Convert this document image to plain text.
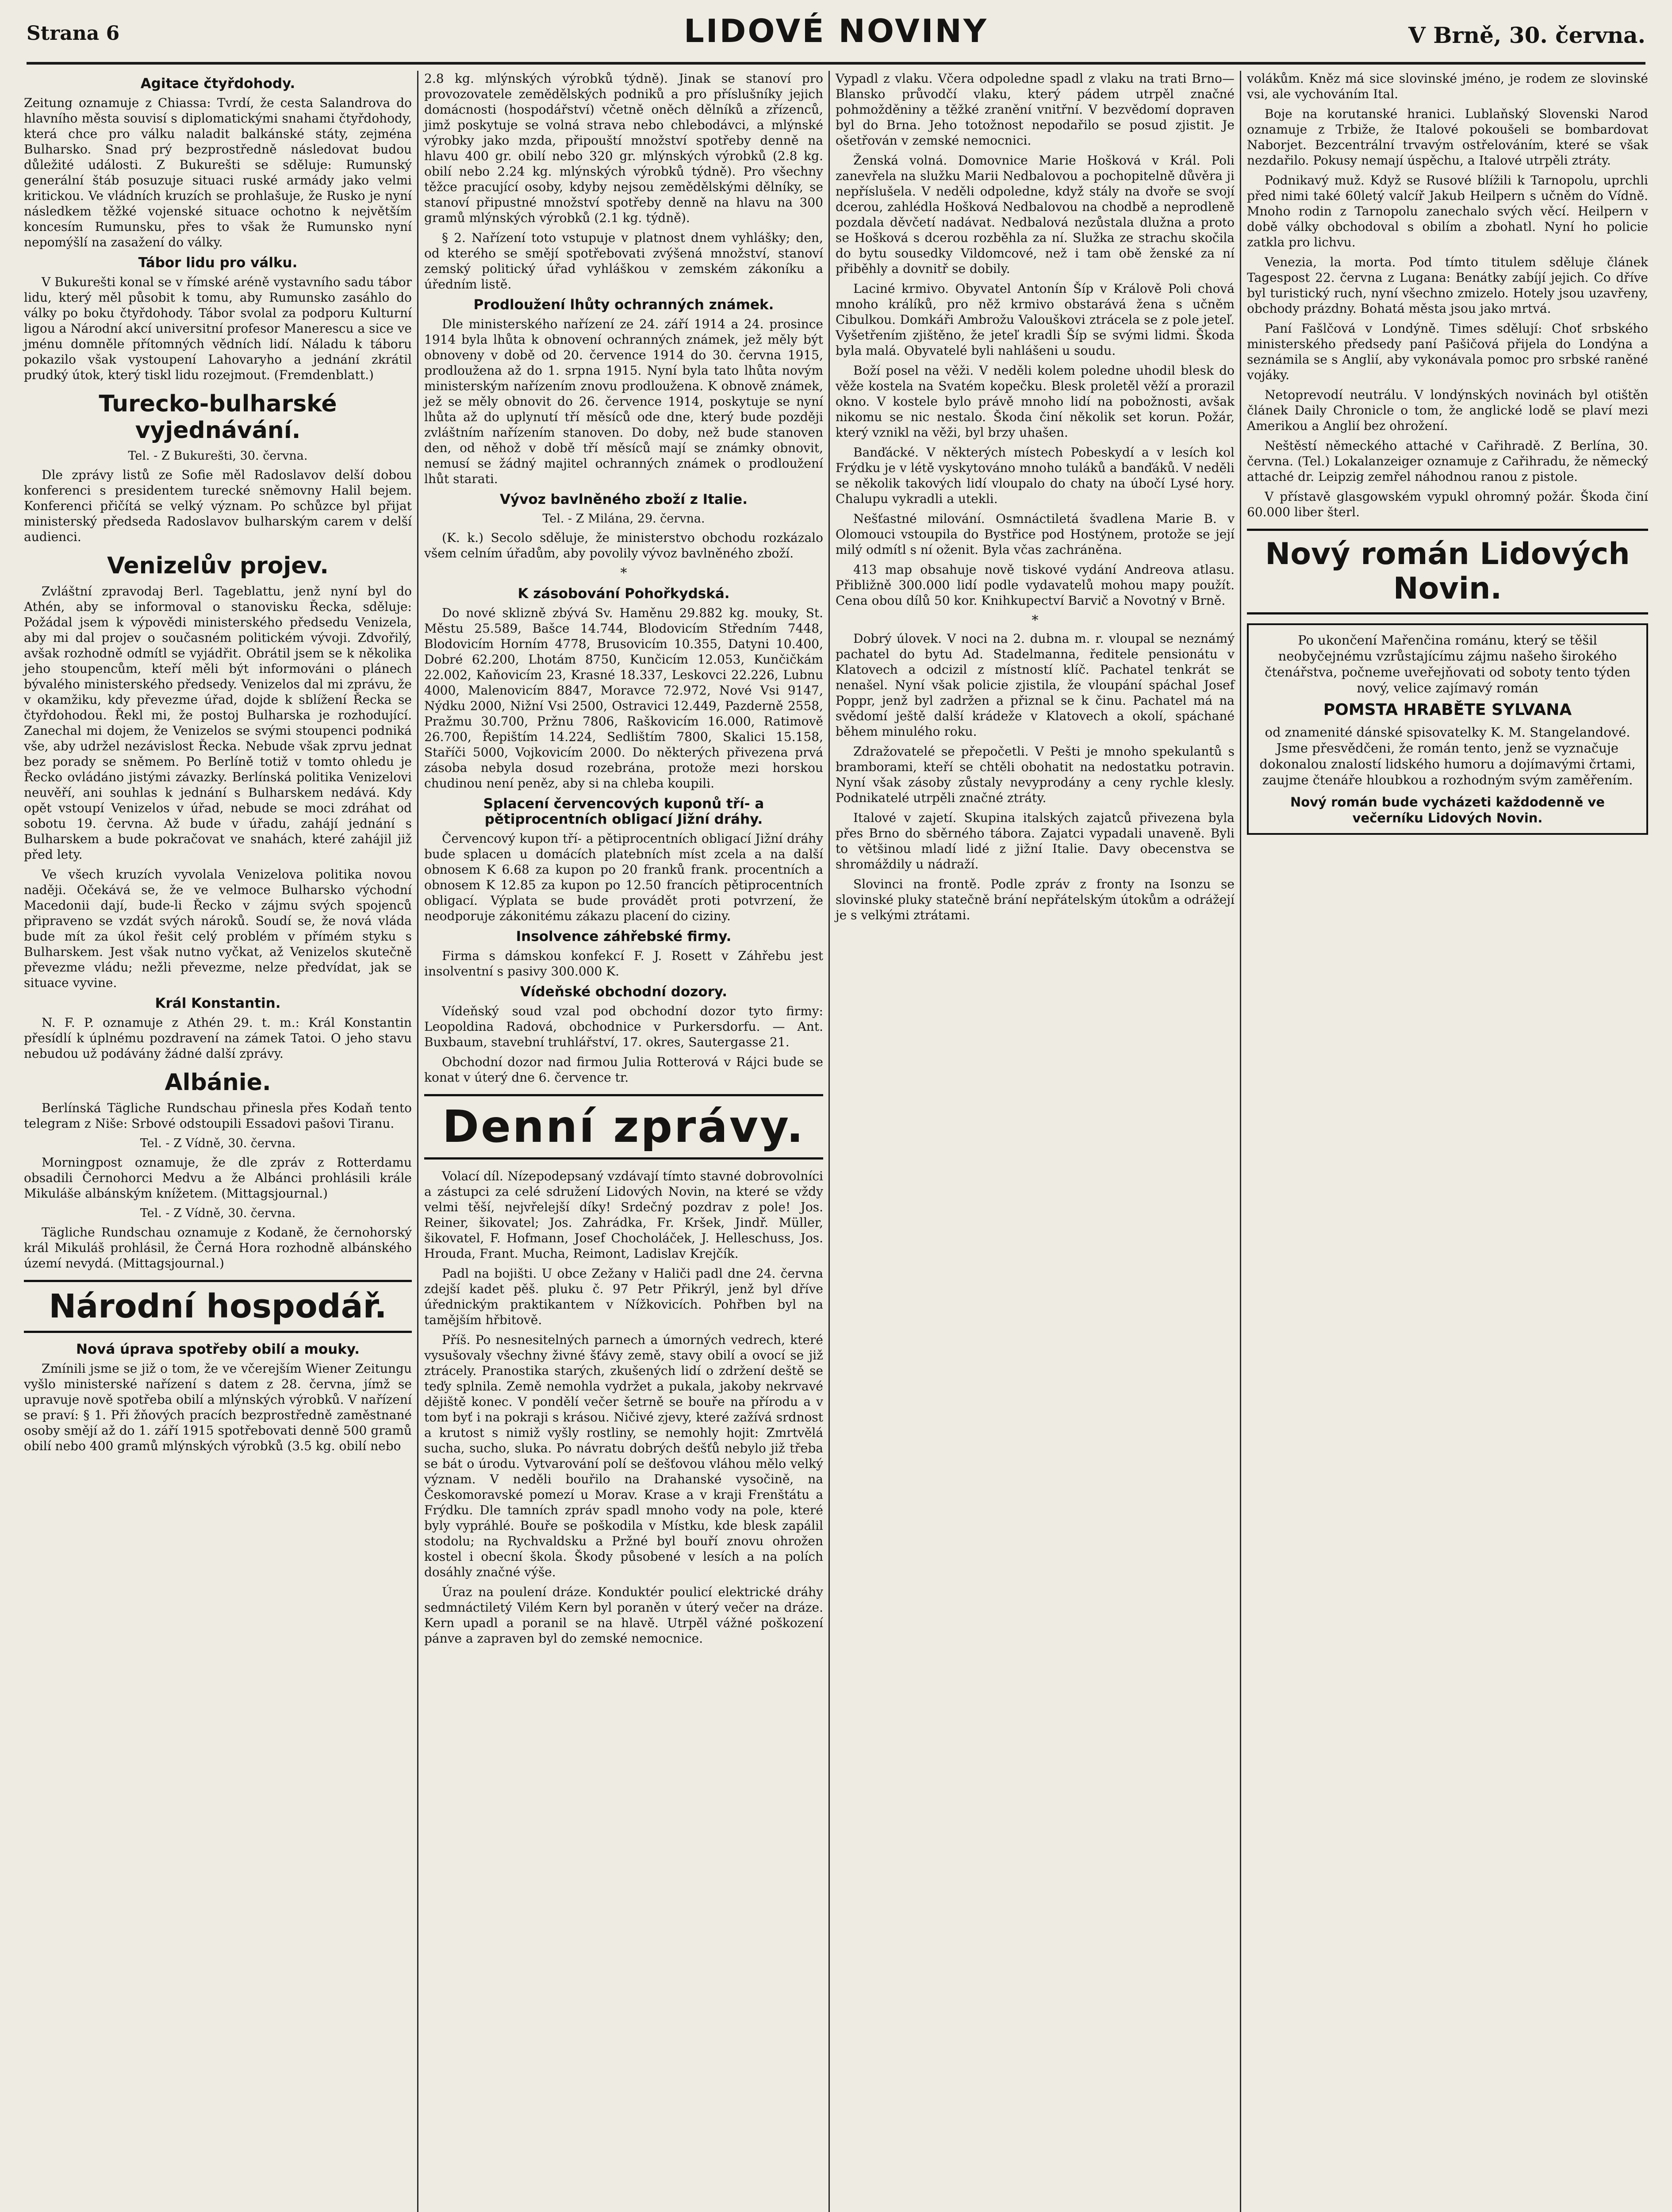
Strana 6	LIDOVÉ NOVINY	V Brně, 30. června.
Agitace čtyřdohody.

Zeitung oznamuje z Chiassa: Tvrdí, že cesta Salandrova do hlavního města souvisí s diplomatickými snahami čtyřdohody, která chce pro válku naladit balkánské státy, zejména Bulharsko. Snad prý bezprostředně následovat budou důležité události. Z Bukurešti se sděluje: Rumunský generální štáb posuzuje situaci ruské armády jako velmi kritickou. Ve vládních kruzích se prohlašuje, že Rusko je nyní následkem těžké vojenské situace ochotno k největším koncesím Rumunsku, přes to však že Rumunsko nyní nepomýšlí na zasažení do války.

Tábor lidu pro válku.

V Bukurešti konal se v římské aréně vystavního sadu tábor lidu, který měl působit k tomu, aby Rumunsko zasáhlo do války po boku čtyřdohody. Tábor svolal za podporu Kulturní ligou a Národní akcí universitní profesor Manerescu a sice ve jménu domněle přítomných vědních lidí. Náladu k táboru pokazilo však vystoupení Lahovaryho a jednání zkrátil prudký útok, který tiskl lidu rozejmout. (Fremdenblatt.)

Turecko-bulharské vyjednávání.
Tel. - Z Bukurešti, 30. června.

Dle zprávy listů ze Sofie měl Radoslavov delší dobou konferenci s presidentem turecké sněmovny Halil bejem. Konferenci přičítá se velký význam. Po schůzce byl přijat ministerský předseda Radoslavov bulharským carem v delší audienci.

Venizelův projev.

Zvláštní zpravodaj Berl. Tageblattu, jenž nyní byl do Athén, aby se informoval o stanovisku Řecka, sděluje: Požádal jsem k výpovědi ministerského předsedu Venizela, aby mi dal projev o současném politickém vývoji. Zdvořilý, avšak rozhodně odmítl se vyjádřit. Obrátil jsem se k několika jeho stoupencům, kteří měli být informováni o plánech bývalého ministerského předsedy. Venizelos dal mi zprávu, že v okamžiku, kdy převezme úřad, dojde k sblížení Řecka se čtyřdohodou. Řekl mi, že postoj Bulharska je rozhodující. Zanechal mi dojem, že Venizelos se svými stoupenci podniká vše, aby udržel nezávislost Řecka. Nebude však zprvu jednat bez porady se sněmem. Po Berlíně totiž v tomto ohledu je Řecko ovládáno jistými závazky. Berlínská politika Venizelovi neuvěří, ani souhlas k jednání s Bulharskem nedává. Kdy opět vstoupí Venizelos v úřad, nebude se moci zdráhat od sobotu 19. června. Až bude v úřadu, zahájí jednání s Bulharskem a bude pokračovat ve snahách, které zahájil již před lety.

Ve všech kruzích vyvolala Venizelova politika novou naději. Očekává se, že ve velmoce Bulharsko východní Macedonii dají, bude-li Řecko v zájmu svých spojenců připraveno se vzdát svých nároků. Soudí se, že nová vláda bude mít za úkol řešit celý problém v přímém styku s Bulharskem. Jest však nutno vyčkat, až Venizelos skutečně převezme vládu; nežli převezme, nelze předvídat, jak se situace vyvine.

Král Konstantin.

N. F. P. oznamuje z Athén 29. t. m.: Král Konstantin přesídlí k úplnému pozdravení na zámek Tatoi. O jeho stavu nebudou už podávány žádné další zprávy.

Albánie.

Berlínská Tägliche Rundschau přinesla přes Kodaň tento telegram z Niše: Srbové odstoupili Essadovi pašovi Tiranu.

Tel. - Z Vídně, 30. června.

Morningpost oznamuje, že dle zpráv z Rotterdamu obsadili Černohorci Medvu a že Albánci prohlásili krále Mikuláše albánským knížetem. (Mittagsjournal.)

Tel. - Z Vídně, 30. června.

Tägliche Rundschau oznamuje z Kodaně, že černohorský král Mikuláš prohlásil, že Černá Hora rozhodně albánského území nevydá. (Mittagsjournal.)

Národní hospodář.
Nová úprava spotřeby obilí a mouky.

Zmínili jsme se již o tom, že ve včerejším Wiener Zeitungu vyšlo ministerské nařízení s datem z 28. června, jímž se upravuje nově spotřeba obilí a mlýnských výrobků. V nařízení se praví: § 1. Při žňových pracích bezprostředně zaměstnané osoby smějí až do 1. září 1915 spotřebovati denně 500 gramů obilí nebo 400 gramů mlýnských výrobků (3.5 kg. obilí nebo

2.8 kg. mlýnských výrobků týdně). Jinak se stanoví pro provozovatele zemědělských podniků a pro příslušníky jejich domácnosti (hospodářství) včetně oněch dělníků a zřízenců, jimž poskytuje se volná strava nebo chlebodávci, a mlýnské výrobky jako mzda, připouští množství spotřeby denně na hlavu 400 gr. obilí nebo 320 gr. mlýnských výrobků (2.8 kg. obilí nebo 2.24 kg. mlýnských výrobků týdně). Pro všechny těžce pracující osoby, kdyby nejsou zemědělskými dělníky, se stanoví připustné množství spotřeby denně na hlavu na 300 gramů mlýnských výrobků (2.1 kg. týdně).

§ 2. Nařízení toto vstupuje v platnost dnem vyhlášky; den, od kterého se smějí spotřebovati zvýšená množství, stanoví zemský politický úřad vyhláškou v zemském zákoníku a úředním listě.

Prodloužení lhůty ochranných známek.

Dle ministerského nařízení ze 24. září 1914 a 24. prosince 1914 byla lhůta k obnovení ochranných známek, jež měly být obnoveny v době od 20. července 1914 do 30. června 1915, prodloužena až do 1. srpna 1915. Nyní byla tato lhůta novým ministerským nařízením znovu prodloužena. K obnově známek, jež se měly obnovit do 26. července 1914, poskytuje se nyní lhůta až do uplynutí tří měsíců ode dne, který bude později zvláštním nařízením stanoven. Do doby, než bude stanoven den, od něhož v době tří měsíců mají se známky obnovit, nemusí se žádný majitel ochranných známek o prodloužení lhůt starati.

Vývoz bavlněného zboží z Italie.
Tel. - Z Milána, 29. června.

(K. k.) Secolo sděluje, že ministerstvo obchodu rozkázalo všem celním úřadům, aby povolily vývoz bavlněného zboží.

*
K zásobování Pohořkydská.

Do nové sklizně zbývá Sv. Haměnu 29.882 kg. mouky, St. Městu 25.589, Bašce 14.744, Blodovicím Středním 7448, Blodovicím Horním 4778, Brusovicím 10.355, Datyni 10.400, Dobré 62.200, Lhotám 8750, Kunčicím 12.053, Kunčičkám 22.002, Kaňovicím 23, Krasné 18.337, Leskovci 22.226, Lubnu 4000, Malenovicím 8847, Moravce 72.972, Nové Vsi 9147, Nýdku 2000, Nižní Vsi 2500, Ostravici 12.449, Pazderně 2558, Pražmu 30.700, Pržnu 7806, Raškovicím 16.000, Ratimově 26.700, Řepištím 14.224, Sedlištím 7800, Skalici 15.158, Staříči 5000, Vojkovicím 2000. Do některých přivezena prvá zásoba nebyla dosud rozebrána, protože mezi horskou chudinou není peněz, aby si na chleba koupili.

Splacení červencových kuponů tří- a pětiprocentních obligací Jižní dráhy.

Červencový kupon tří- a pětiprocentních obligací Jižní dráhy bude splacen u domácích platebních míst zcela a na další obnosem K 6.68 za kupon po 20 franků frank. procentních a obnosem K 12.85 za kupon po 12.50 francích pětiprocentních obligací. Výplata se bude provádět proti potvrzení, že neodporuje zákonitému zákazu placení do ciziny.

Insolvence záhřebské firmy.

Firma s dámskou konfekcí F. J. Rosett v Záhřebu jest insolventní s pasivy 300.000 K.

Vídeňské obchodní dozory.

Vídeňský soud vzal pod obchodní dozor tyto firmy: Leopoldina Radová, obchodnice v Purkersdorfu. — Ant. Buxbaum, stavební truhlářství, 17. okres, Sautergasse 21.

Obchodní dozor nad firmou Julia Rotterová v Rájci bude se konat v úterý dne 6. července tr.

Denní zprávy.

Volací díl. Nízepodepsaný vzdávají tímto stavné dobrovolníci a zástupci za celé sdružení Lidových Novin, na které se vždy velmi těší, nejvřelejší díky! Srdečný pozdrav z pole! Jos. Reiner, šikovatel; Jos. Zahrádka, Fr. Kršek, Jindř. Müller, šikovatel, F. Hofmann, Josef Chocholáček, J. Helleschuss, Jos. Hrouda, Frant. Mucha, Reimont, Ladislav Krejčík.

Padl na bojišti. U obce Zežany v Haliči padl dne 24. června zdejší kadet pěš. pluku č. 97 Petr Přikrýl, jenž byl dříve úřednickým praktikantem v Nížkovicích. Pohřben byl na tamějším hřbitově.

Příš. Po nesnesitelných parnech a úmorných vedrech, které vysušovaly všechny živné šťávy země, stavy obilí a ovocí se již ztrácely. Pranostika starých, zkušených lidí o zdržení deště se teďy splnila. Země nemohla vydržet a pukala, jakoby nekrvavé dějiště konec. V pondělí večer šetrně se bouře na přírodu a v tom byť i na pokraji s krásou. Ničivé zjevy, které zažívá srdnost a krutost s nimiž vyšly rostliny, se nemohly hojit: Zmrtvělá sucha, sucho, sluka. Po návratu dobrých dešťů nebylo již třeba se bát o úrodu. Vytvarování polí se dešťovou vláhou mělo velký význam. V neděli bouřilo na Drahanské vysočině, na Českomoravské pomezí u Morav. Krase a v kraji Frenštátu a Frýdku. Dle tamních zpráv spadl mnoho vody na pole, které byly vypráhlé. Bouře se poškodila v Místku, kde blesk zapálil stodolu; na Rychvaldsku a Pržné byl bouří znovu ohrožen kostel i obecní škola. Škody působené v lesích a na polích dosáhly značné výše.

Úraz na poulení dráze. Konduktér poulicí elektrické dráhy sedmnáctiletý Vilém Kern byl poraněn v úterý večer na dráze. Kern upadl a poranil se na hlavě. Utrpěl vážné poškození pánve a zapraven byl do zemské nemocnice.

Vypadl z vlaku. Včera odpoledne spadl z vlaku na trati Brno—Blansko průvodčí vlaku, který pádem utrpěl značné pohmožděniny a těžké zranění vnitřní. V bezvědomí dopraven byl do Brna. Jeho totožnost nepodařilo se posud zjistit. Je ošetřován v zemské nemocnici.

Ženská volná. Domovnice Marie Hošková v Král. Poli zanevřela na služku Marii Nedbalovou a pochopitelně důvěra ji nepříslušela. V neděli odpoledne, když stály na dvoře se svojí dcerou, zahlédla Hošková Nedbalovou na chodbě a neprodleně pozdala děvčetí nadávat. Nedbalová nezůstala dlužna a proto se Hošková s dcerou rozběhla za ní. Služka ze strachu skočila do bytu sousedky Vildomcové, než i tam obě ženské za ní přiběhly a dovnitř se dobily.

Laciné krmivo. Obyvatel Antonín Šíp v Králově Poli chová mnoho králíků, pro něž krmivo obstarává žena s učněm Cibulkou. Domkáři Ambrožu Valouškovi ztrácela se z pole jeteľ. Vyšetřením zjištěno, že jeteľ kradli Šíp se svými lidmi. Škoda byla malá. Obyvatelé byli nahlášeni u soudu.

Boží posel na věži. V neděli kolem poledne uhodil blesk do věže kostela na Svatém kopečku. Blesk proletěl věží a prorazil okno. V kostele bylo právě mnoho lidí na pobožnosti, avšak nikomu se nic nestalo. Škoda činí několik set korun. Požár, který vznikl na věži, byl brzy uhašen.

Banďácké. V některých místech Pobeskydí a v lesích kol Frýdku je v létě vyskytováno mnoho tuláků a banďáků. V neděli se několik takových lidí vloupalo do chaty na úbočí Lysé hory. Chalupu vykradli a utekli.

Nešťastné milování. Osmnáctiletá švadlena Marie B. v Olomouci vstoupila do Bystřice pod Hostýnem, protože se její milý odmítl s ní oženit. Byla včas zachráněna.

413 map obsahuje nově tiskové vydání Andreova atlasu. Přibližně 300.000 lidí podle vydavatelů mohou mapy použít. Cena obou dílů 50 kor. Knihkupectví Barvič a Novotný v Brně.

*

Dobrý úlovek. V noci na 2. dubna m. r. vloupal se neznámý pachatel do bytu Ad. Stadelmanna, ředitele pensionátu v Klatovech a odcizil z místností klíč. Pachatel tenkrát se nenašel. Nyní však policie zjistila, že vloupání spáchal Josef Poppr, jenž byl zadržen a přiznal se k činu. Pachatel má na svědomí ještě další krádeže v Klatovech a okolí, spáchané během minulého roku.

Zdražovatelé se přepočetli. V Pešti je mnoho spekulantů s bramborami, kteří se chtěli obohatit na nedostatku potravin. Nyní však zásoby zůstaly nevyprodány a ceny rychle klesly. Podnikatelé utrpěli značné ztráty.

Italové v zajetí. Skupina italských zajatců přivezena byla přes Brno do sběrného tábora. Zajatci vypadali unaveně. Byli to většinou mladí lidé z jižní Italie. Davy obecenstva se shromáždily u nádraží.

Slovinci na frontě. Podle zpráv z fronty na Isonzu se slovinské pluky statečně brání nepřátelským útokům a odrážejí je s velkými ztrátami.

volákům. Kněz má sice slovinské jméno, je rodem ze slovinské vsi, ale vychováním Ital.

Boje na korutanské hranici. Lublaňský Slovenski Narod oznamuje z Trbiže, že Italové pokoušeli se bombardovat Naborjet. Bezcentrální trvavým ostřelováním, které se však nezdařilo. Pokusy nemají úspěchu, a Italové utrpěli ztráty.

Podnikavý muž. Když se Rusové blížili k Tarnopolu, uprchli před nimi také 60letý valcíř Jakub Heilpern s učněm do Vídně. Mnoho rodin z Tarnopolu zanechalo svých věcí. Heilpern v době války obchodoval s obilím a zbohatl. Nyní ho policie zatkla pro lichvu.

Venezia, la morta. Pod tímto titulem sděluje článek Tagespost 22. června z Lugana: Benátky zabíjí jejich. Co dříve byl turistický ruch, nyní všechno zmizelo. Hotely jsou uzavřeny, obchody prázdny. Bohatá města jsou jako mrtvá.

Paní Fašlčová v Londýně. Times sdělují: Choť srbského ministerského předsedy paní Pašičová přijela do Londýna a seznámila se s Anglií, aby vykonávala pomoc pro srbské raněné vojáky.

Netoprevodí neutrálu. V londýnských novinách byl otištěn článek Daily Chronicle o tom, že anglické lodě se plaví mezi Amerikou a Anglií bez ohrožení.

Neštěstí německého attaché v Cařihradě. Z Berlína, 30. června. (Tel.) Lokalanzeiger oznamuje z Cařihradu, že německý attaché dr. Leipzig zemřel náhodnou ranou z pistole.

V přístavě glasgowském vypukl ohromný požár. Škoda činí 60.000 liber šterl.

Nový román Lidových Novin.
Po ukončení Mařenčina románu, který se těšil neobyčejnému vzrůstajícímu zájmu našeho širokého čtenářstva, počneme uveřejňovati od soboty tento týden nový, velice zajímavý román
POMSTA HRABĚTE SYLVANA
od znamenité dánské spisovatelky K. M. Stangelandové. Jsme přesvědčeni, že román tento, jenž se vyznačuje dokonalou znalostí lidského humoru a dojímavými črtami, zaujme čtenáře hloubkou a rozhodným svým zaměřením.
Nový román bude vycházeti každodenně ve večerníku Lidových Novin.
